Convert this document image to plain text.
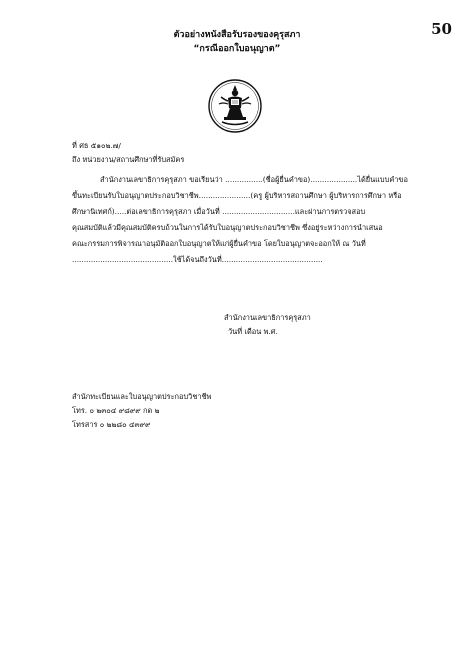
50
ตัวอย่างหนังสือรับรองของคุรุสภา
“กรณีออกใบอนุญาต”
ที่ ศธ ๕๑๐๒.๗/
ถึง หน่วยงาน/สถานศึกษาที่รับสมัคร
สำนักงานเลขาธิการคุรุสภา ขอเรียนว่า ................(ชื่อผู้ยื่นคำขอ)....................ได้ยื่นแบบคำขอ
ขึ้นทะเบียนรับใบอนุญาตประกอบวิชาชีพ......................(ครู ผู้บริหารสถานศึกษา ผู้บริหารการศึกษา หรือ
ศึกษานิเทศก์).....ต่อเลขาธิการคุรุสภา เมื่อวันที่ ...............................และผ่านการตรวจสอบ
คุณสมบัติแล้วมีคุณสมบัติครบถ้วนในการได้รับใบอนุญาตประกอบวิชาชีพ ซึ่งอยู่ระหว่างการนำเสนอ
คณะกรรมการพิจารณาอนุมัติออกใบอนุญาตให้แก่ผู้ยื่นคำขอ โดยใบอนุญาตจะออกให้ ณ วันที่
...........................................ใช้ได้จนถึงวันที่...........................................
สำนักงานเลขาธิการคุรุสภา
วันที่ เดือน พ.ศ.
สำนักทะเบียนและใบอนุญาตประกอบวิชาชีพ
โทร. ๐ ๒๓๐๔ ๙๘๙๙ กด ๒
โทรสาร ๐ ๒๒๘๐ ๔๓๙๙
